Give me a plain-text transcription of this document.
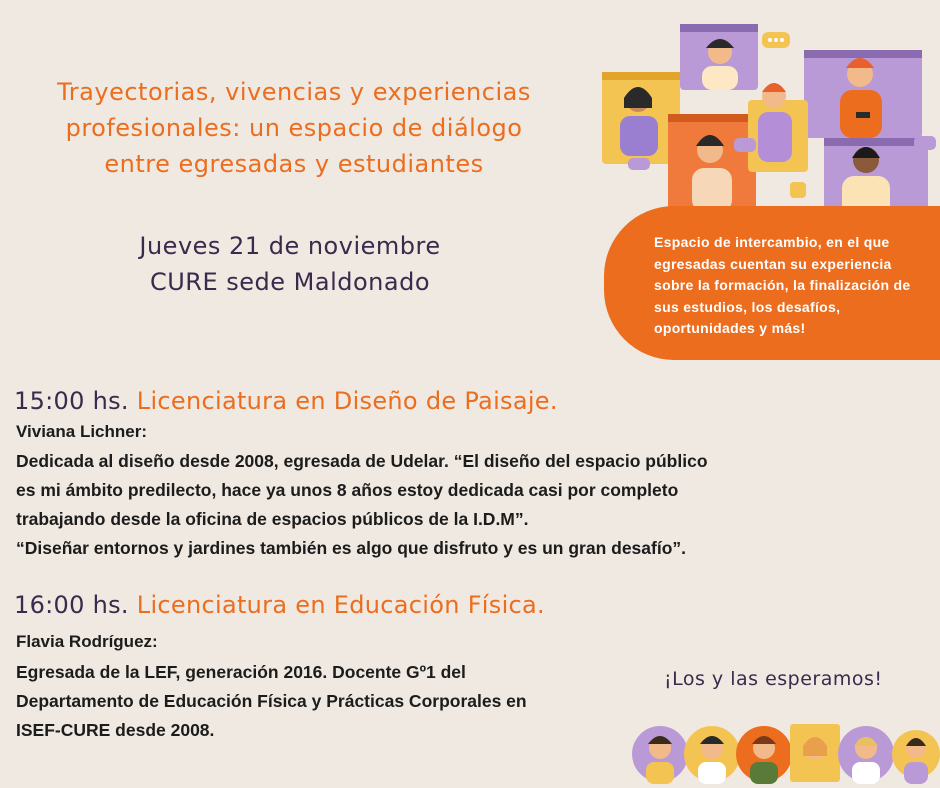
Trayectorias, vivencias y experiencias
profesionales: un espacio de diálogo
entre egresadas y estudiantes
Jueves 21 de noviembre
CURE sede Maldonado
Espacio de intercambio, en el que
egresadas cuentan su experiencia
sobre la formación, la finalización de
sus estudios, los desafíos,
oportunidades y más!
15:00 hs. Licenciatura en Diseño de Paisaje.
Viviana Lichner:
Dedicada al diseño desde 2008, egresada de Udelar. “El diseño del espacio público
es mi ámbito predilecto, hace ya unos 8 años estoy dedicada casi por completo
trabajando desde la oficina de espacios públicos de la I.D.M”.
“Diseñar entornos y jardines también es algo que disfruto y es un gran desafío”.
16:00 hs. Licenciatura en Educación Física.
Flavia Rodríguez:
Egresada de la LEF, generación 2016. Docente Gº1 del
Departamento de Educación Física y Prácticas Corporales en
ISEF-CURE desde 2008.
¡Los y las esperamos!
